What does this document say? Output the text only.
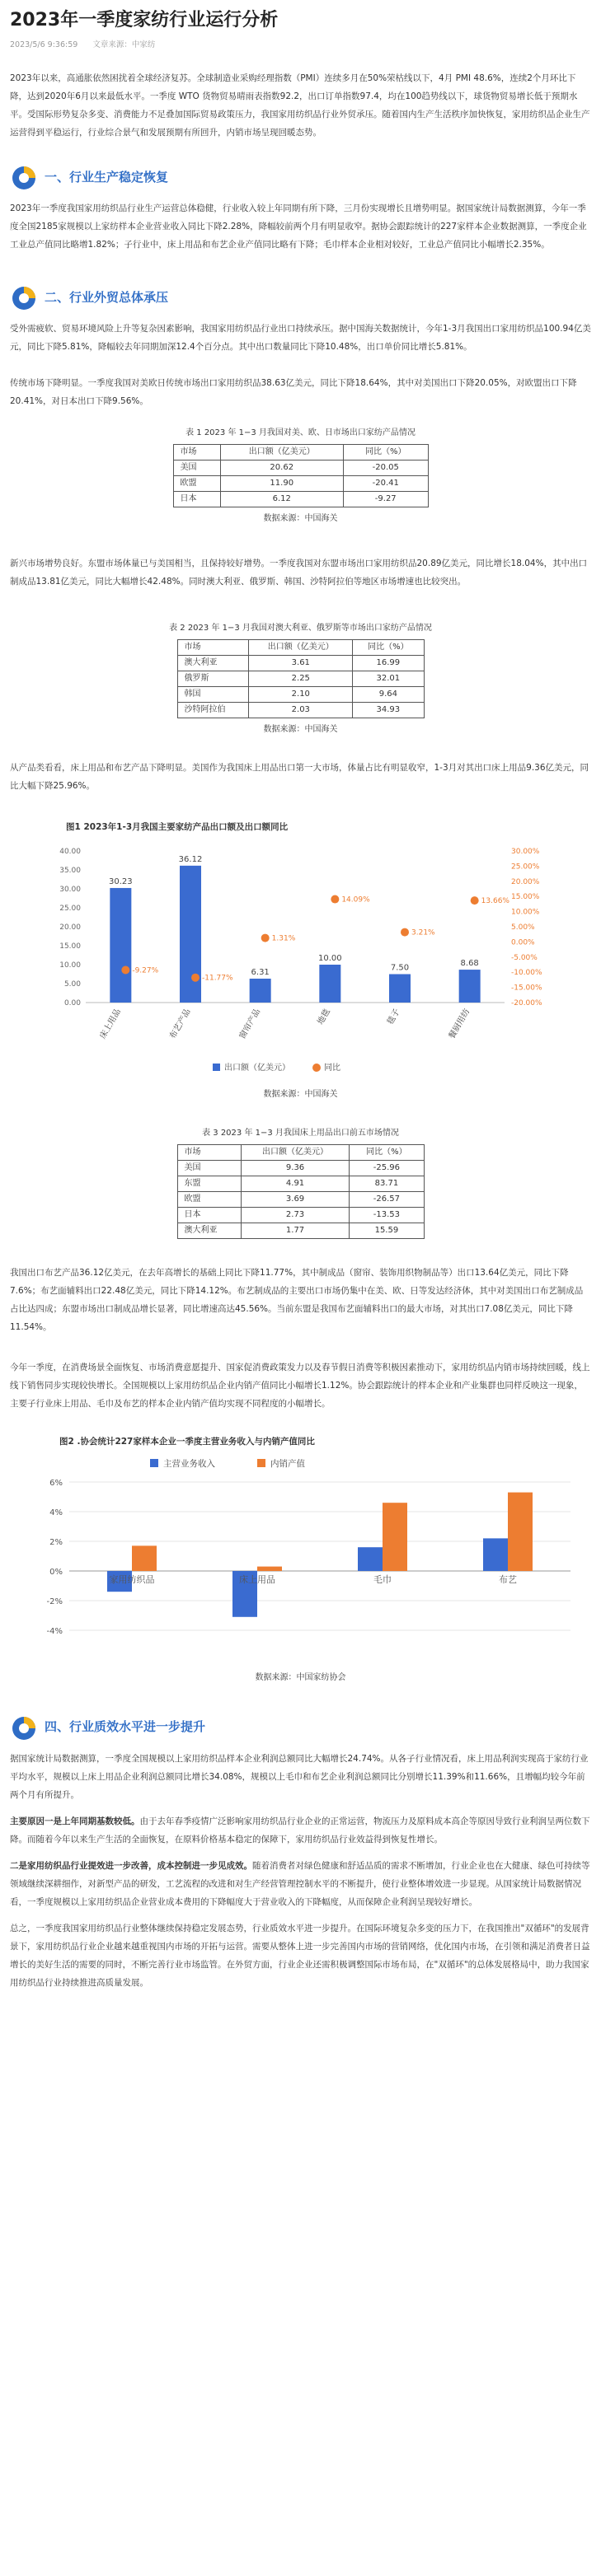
2023年一季度家纺行业运行分析
2023/5/6 9:36:59 文章来源：中家纺

2023年以来，高通胀依然困扰着全球经济复苏。全球制造业采购经理指数（PMI）连续多月在50%荣枯线以下，4月 PMI 48.6%，连续2个月环比下降，达到2020年6月以来最低水平。一季度 WTO 货物贸易晴雨表指数92.2，出口订单指数97.4，均在100趋势线以下，球货物贸易增长低于预期水平。受国际形势复杂多变、消费能力不足叠加国际贸易政策压力，我国家用纺织品行业外贸承压。随着国内生产生活秩序加快恢复，家用纺织品企业生产运营得到平稳运行，行业综合景气和发展预期有所回升，内销市场呈现回暖态势。

一、行业生产稳定恢复

2023年一季度我国家用纺织品行业生产运营总体稳健，行业收入较上年同期有所下降，三月份实现增长且增势明显。据国家统计局数据测算，今年一季度全国2185家规模以上家纺样本企业营业收入同比下降2.28%，降幅较前两个月有明显收窄。据协会跟踪统计的227家样本企业数据测算，一季度企业工业总产值同比略增1.82%；子行业中，床上用品和布艺企业产值同比略有下降；毛巾样本企业相对较好，工业总产值同比小幅增长2.35%。

二、行业外贸总体承压

受外需疲软、贸易环境风险上升等复杂因素影响，我国家用纺织品行业出口持续承压。据中国海关数据统计，今年1-3月我国出口家用纺织品100.94亿美元，同比下降5.81%，降幅较去年同期加深12.4个百分点。其中出口数量同比下降10.48%，出口单价同比增长5.81%。

传统市场下降明显。一季度我国对美欧日传统市场出口家用纺织品38.63亿美元，同比下降18.64%，其中对美国出口下降20.05%，对欧盟出口下降20.41%，对日本出口下降9.56%。

表 1 2023 年 1−3 月我国对美、欧、日市场出口家纺产品情况
市场	出口额（亿美元）	同比（%）
美国	20.62	-20.05
欧盟	11.90	-20.41
日本	6.12	-9.27
数据来源：中国海关

新兴市场增势良好。东盟市场体量已与美国相当，且保持较好增势。一季度我国对东盟市场出口家用纺织品20.89亿美元，同比增长18.04%，其中出口制成品13.81亿美元，同比大幅增长42.48%。同时澳大利亚、俄罗斯、韩国、沙特阿拉伯等地区市场增速也比较突出。

表 2 2023 年 1−3 月我国对澳大利亚、俄罗斯等市场出口家纺产品情况
市场	出口额（亿美元）	同比（%）
澳大利亚	3.61	16.99
俄罗斯	2.25	32.01
韩国	2.10	9.64
沙特阿拉伯	2.03	34.93
数据来源：中国海关

从产品类看看，床上用品和布艺产品下降明显。美国作为我国床上用品出口第一大市场，体量占比有明显收窄，1-3月对其出口床上用品9.36亿美元，同比大幅下降25.96%。

图1 2023年1-3月我国主要家纺产品出口额及出口额同比
0.00
5.00
10.00
15.00
20.00
25.00
30.00
35.00
40.00
-20.00%
-15.00%
-10.00%
-5.00%
0.00%
5.00%
10.00%
15.00%
20.00%
25.00%
30.00%
30.23
-9.27%
床上用品
36.12
-11.77%
布艺产品
6.31
1.31%
窗帘产品
10.00
14.09%
地毯
7.50
3.21%
毯子
8.68
13.66%
餐厨用纺
出口额（亿美元）	同比
数据来源：中国海关
表 3 2023 年 1−3 月我国床上用品出口前五市场情况
市场	出口额（亿美元）	同比（%）
美国	9.36	-25.96
东盟	4.91	83.71
欧盟	3.69	-26.57
日本	2.73	-13.53
澳大利亚	1.77	15.59

我国出口布艺产品36.12亿美元，在去年高增长的基础上同比下降11.77%，其中制成品（窗帘、装饰用织物制品等）出口13.64亿美元，同比下降7.6%；布艺面辅料出口22.48亿美元，同比下降14.12%。布艺制成品的主要出口市场仍集中在美、欧、日等发达经济体，其中对美国出口布艺制成品占比达四成；东盟市场出口制成品增长显著，同比增速高达45.56%。当前东盟是我国布艺面辅料出口的最大市场，对其出口7.08亿美元，同比下降11.54%。

今年一季度，在消费场景全面恢复、市场消费意愿提升、国家促消费政策发力以及春节假日消费等积极因素推动下，家用纺织品内销市场持续回暖，线上线下销售同步实现较快增长。全国规模以上家用纺织品企业内销产值同比小幅增长1.12%。协会跟踪统计的样本企业和产业集群也同样反映这一现象，主要子行业床上用品、毛巾及布艺的样本企业内销产值均实现不同程度的小幅增长。

图2 .协会统计227家样本企业一季度主营业务收入与内销产值同比
主营业务收入	内销产值
6%
4%
2%
0%
-2%
-4%
家用纺织品	床上用品	毛巾	布艺
数据来源：中国家纺协会
四、行业质效水平进一步提升

据国家统计局数据测算，一季度全国规模以上家用纺织品样本企业利润总额同比大幅增长24.74%。从各子行业情况看，床上用品利润实现高于家纺行业平均水平，规模以上床上用品企业利润总额同比增长34.08%，规模以上毛巾和布艺企业利润总额同比分别增长11.39%和11.66%，且增幅均较今年前两个月有所提升。

主要原因一是上年同期基数较低。由于去年春季疫情广泛影响家用纺织品行业企业的正常运营，物流压力及原料成本高企等原因导致行业利润呈两位数下降。而随着今年以来生产生活的全面恢复，在原料价格基本稳定的保障下，家用纺织品行业效益得到恢复性增长。

二是家用纺织品行业提效进一步改善，成本控制进一步见成效。随着消费者对绿色健康和舒适品质的需求不断增加，行业企业也在大健康、绿色可持续等领域继续深耕细作，对新型产品的研发，工艺流程的改进和对生产经营管理控制水平的不断提升，使行业整体增效进一步显现。从国家统计局数据情况看，一季度规模以上家用纺织品企业营业成本费用的下降幅度大于营业收入的下降幅度，从而保障企业利润呈现较好增长。

总之，一季度我国家用纺织品行业整体继续保持稳定发展态势，行业质效水平进一步提升。在国际环境复杂多变的压力下，在我国推出"双循环"的发展背景下，家用纺织品行业企业越来越重视国内市场的开拓与运营。需要从整体上进一步完善国内市场的营销网络，优化国内市场，在引领和满足消费者日益增长的美好生活的需要的同时，不断完善行业市场监管。在外贸方面，行业企业还需积极调整国际市场布局，在"双循环"的总体发展格局中，助力我国家用纺织品行业持续推进高质量发展。
